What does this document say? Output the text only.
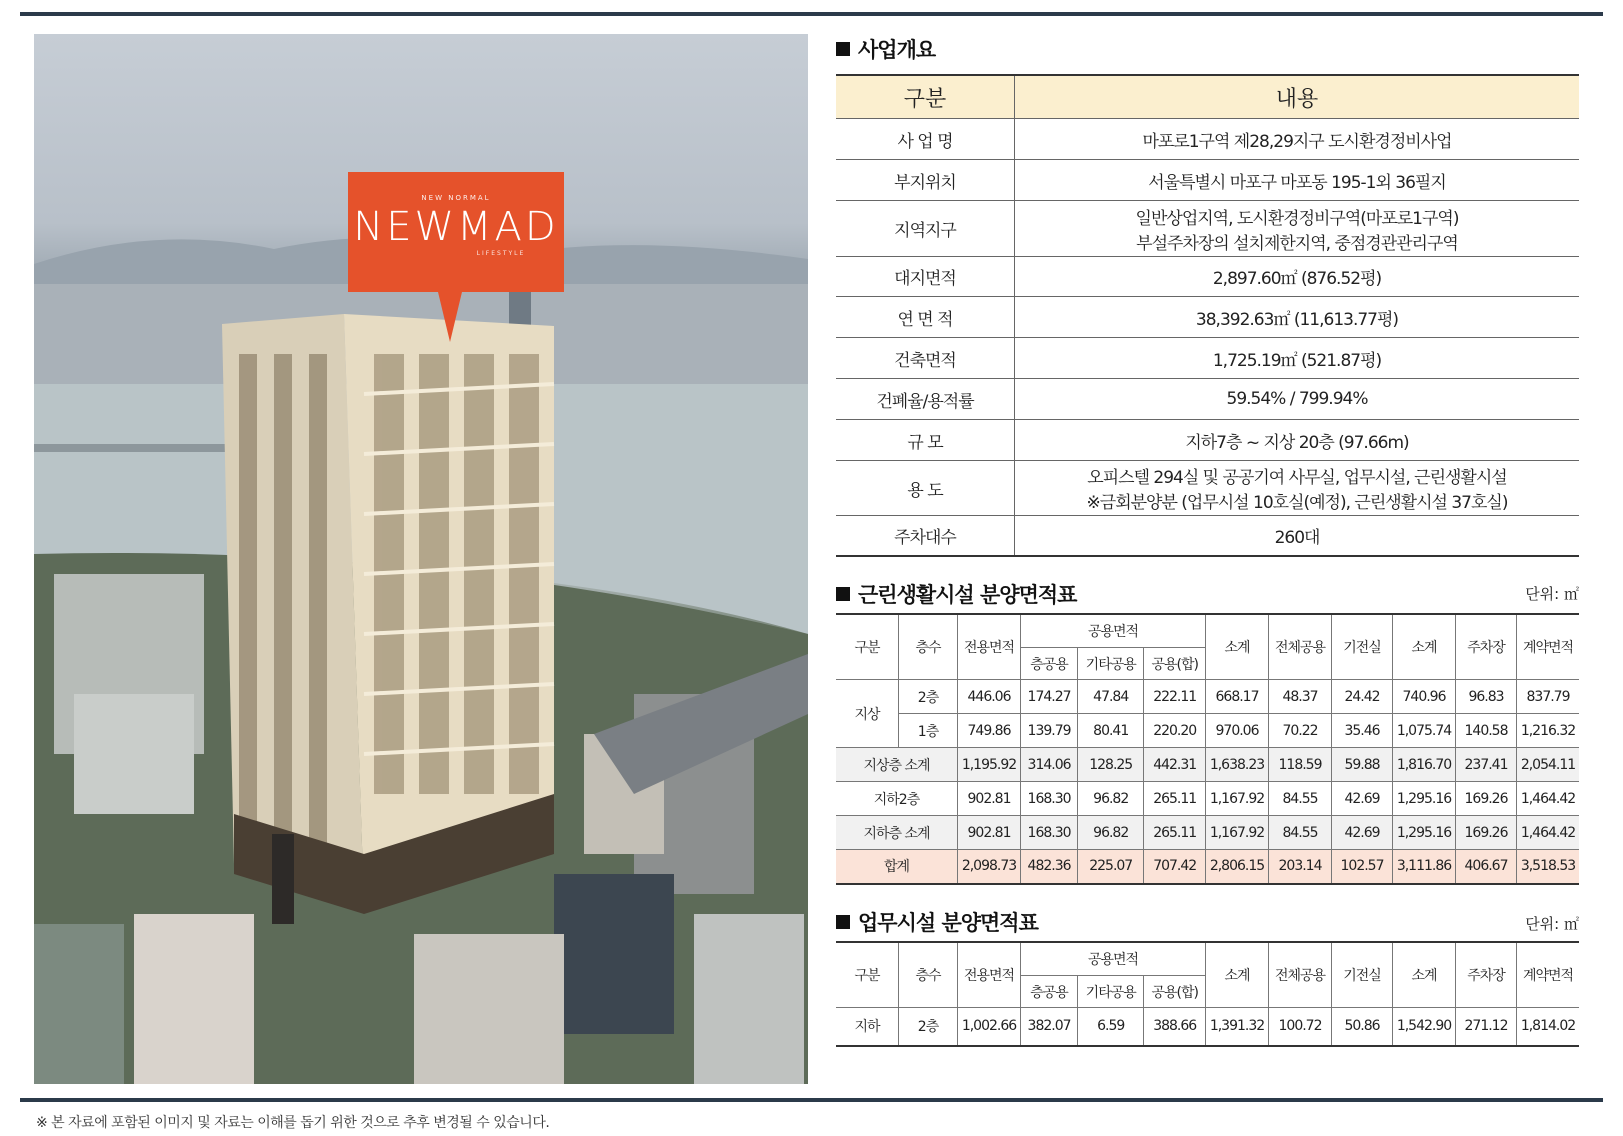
NEW NORMAL
NEWMAD
LIFESTYLE
사업개요
구분	내용
사 업 명	마포로1구역 제28,29지구 도시환경정비사업

부지위치	서울특별시 마포구 마포동 195-1외 36필지

지역지구	일반상업지역, 도시환경정비구역(마포로1구역)
부설주차장의 설치제한지역, 중점경관관리구역

대지면적	2,897.60㎡ (876.52평)

연 면 적	38,392.63㎡ (11,613.77평)

건축면적	1,725.19㎡ (521.87평)

건폐율/용적률	59.54% / 799.94%

규 모	지하7층 ~ 지상 20층 (97.66m)

용 도	오피스텔 294실 및 공공기여 사무실, 업무시설, 근린생활시설
※금회분양분 (업무시설 10호실(예정), 근린생활시설 37호실)

주차대수	260대
근린생활시설 분양면적표	단위: ㎡
구분	층수	전용면적	공용면적			소계	전체공용	기전실	소계	주차장	계약면적
			층공용	기타공용	공용(합)						
지상	2층	446.06	174.27	47.84	222.11	668.17	48.37	24.42	740.96	96.83	837.79
	1층	749.86	139.79	80.41	220.20	970.06	70.22	35.46	1,075.74	140.58	1,216.32
지상층 소계		1,195.92	314.06	128.25	442.31	1,638.23	118.59	59.88	1,816.70	237.41	2,054.11
지하2층		902.81	168.30	96.82	265.11	1,167.92	84.55	42.69	1,295.16	169.26	1,464.42
지하층 소계		902.81	168.30	96.82	265.11	1,167.92	84.55	42.69	1,295.16	169.26	1,464.42
합계		2,098.73	482.36	225.07	707.42	2,806.15	203.14	102.57	3,111.86	406.67	3,518.53
업무시설 분양면적표	단위: ㎡
구분	층수	전용면적	공용면적			소계	전체공용	기전실	소계	주차장	계약면적
			층공용	기타공용	공용(합)						
지하	2층	1,002.66	382.07	6.59	388.66	1,391.32	100.72	50.86	1,542.90	271.12	1,814.02
※ 본 자료에 포함된 이미지 및 자료는 이해를 돕기 위한 것으로 추후 변경될 수 있습니다.
